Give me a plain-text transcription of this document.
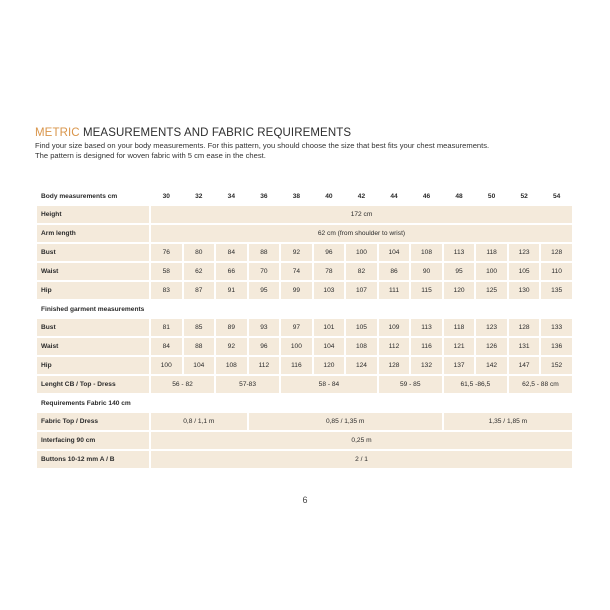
METRIC MEASUREMENTS AND FABRIC REQUIREMENTS
Find your size based on your body measurements. For this pattern, you should choose the size that best fits your chest measurements.
The pattern is designed for woven fabric with 5 cm ease in the chest.
Body measurements cm	30	32	34	36	38	40	42	44	46	48	50	52	54
Height	172 cm												
Arm length	62 cm (from shoulder to wrist)												
Bust	76	80	84	88	92	96	100	104	108	113	118	123	128
Waist	58	62	66	70	74	78	82	86	90	95	100	105	110
Hip	83	87	91	95	99	103	107	111	115	120	125	130	135
Finished garment measurements													
Bust	81	85	89	93	97	101	105	109	113	118	123	128	133
Waist	84	88	92	96	100	104	108	112	116	121	126	131	136
Hip	100	104	108	112	116	120	124	128	132	137	142	147	152
Lenght CB / Top - Dress	56 - 82		57-83		58 - 84			59 - 85		61,5 -86,5		62,5 - 88 cm	
Requirements Fabric 140 cm													
Fabric Top / Dress	0,8 / 1,1 m			0,85 / 1,35 m						1,35 / 1,85 m			
Interfacing 90 cm	0,25 m												
Buttons 10-12 mm A / B	2 / 1												
6
